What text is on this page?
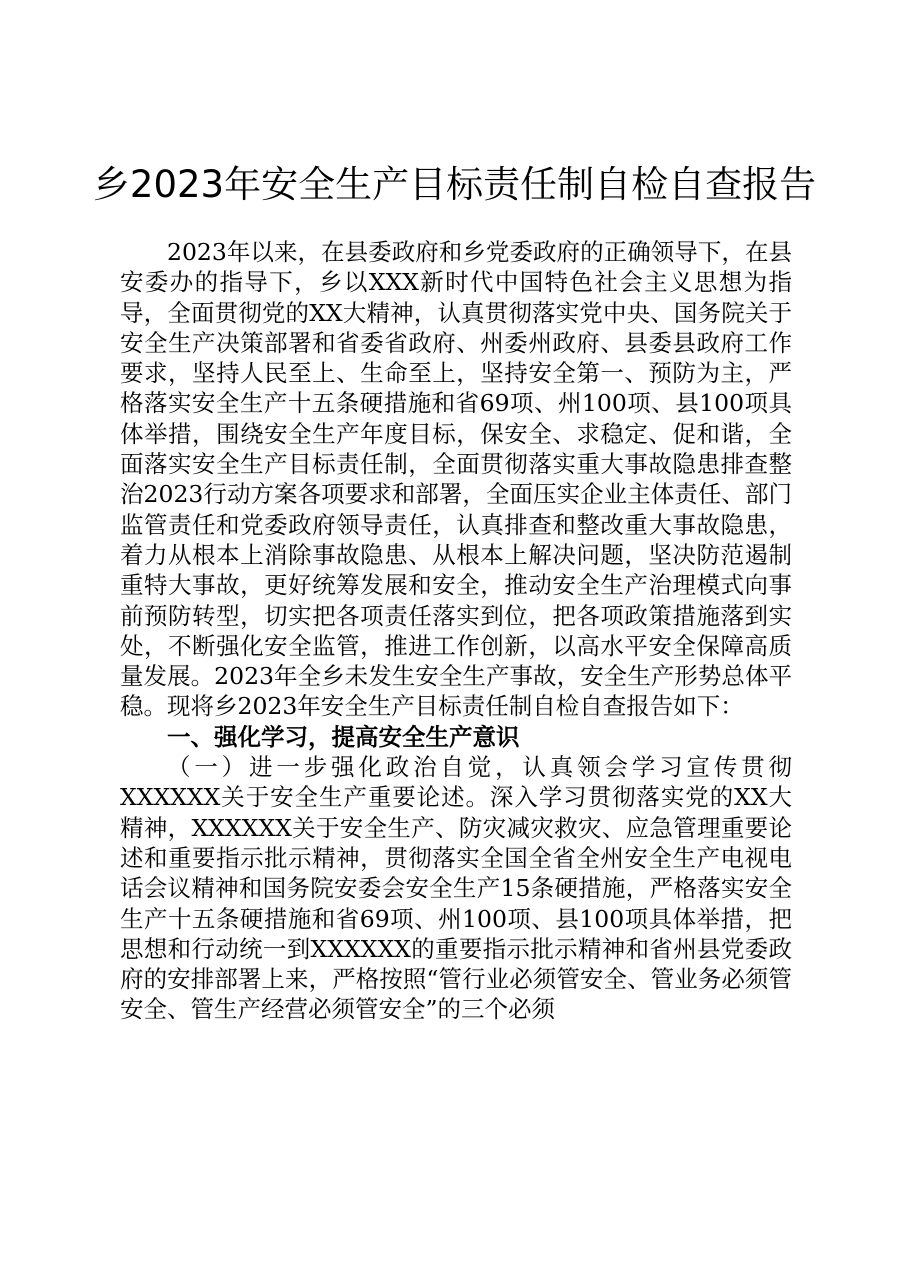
乡2023年安全生产目标责任制自检自查报告

2023年以来，在县委政府和乡党委政府的正确领导下，在县安委办的指导下，乡以XXX新时代中国特色社会主义思想为指导，全面贯彻党的XX大精神，认真贯彻落实党中央、国务院关于安全生产决策部署和省委省政府、州委州政府、县委县政府工作要求，坚持人民至上、生命至上，坚持安全第一、预防为主，严格落实安全生产十五条硬措施和省69项、州100项、县100项具体举措，围绕安全生产年度目标，保安全、求稳定、促和谐，全面落实安全生产目标责任制，全面贯彻落实重大事故隐患排查整治2023行动方案各项要求和部署，全面压实企业主体责任、部门监管责任和党委政府领导责任，认真排查和整改重大事故隐患，着力从根本上消除事故隐患、从根本上解决问题，坚决防范遏制重特大事故，更好统筹发展和安全，推动安全生产治理模式向事前预防转型，切实把各项责任落实到位，把各项政策措施落到实处，不断强化安全监管，推进工作创新，以高水平安全保障高质量发展。2023年全乡未发生安全生产事故，安全生产形势总体平稳。现将乡2023年安全生产目标责任制自检自查报告如下：

一、强化学习，提高安全生产意识

（一）进一步强化政治自觉，认真领会学习宣传贯彻XXXXXX关于安全生产重要论述。深入学习贯彻落实党的XX大精神，XXXXXX关于安全生产、防灾减灾救灾、应急管理重要论述和重要指示批示精神，贯彻落实全国全省全州安全生产电视电话会议精神和国务院安委会安全生产15条硬措施，严格落实安全生产十五条硬措施和省69项、州100项、县100项具体举措，把思想和行动统一到XXXXXX的重要指示批示精神和省州县党委政府的安排部署上来，严格按照“管行业必须管安全、管业务必须管安全、管生产经营必须管安全”的三个必须
